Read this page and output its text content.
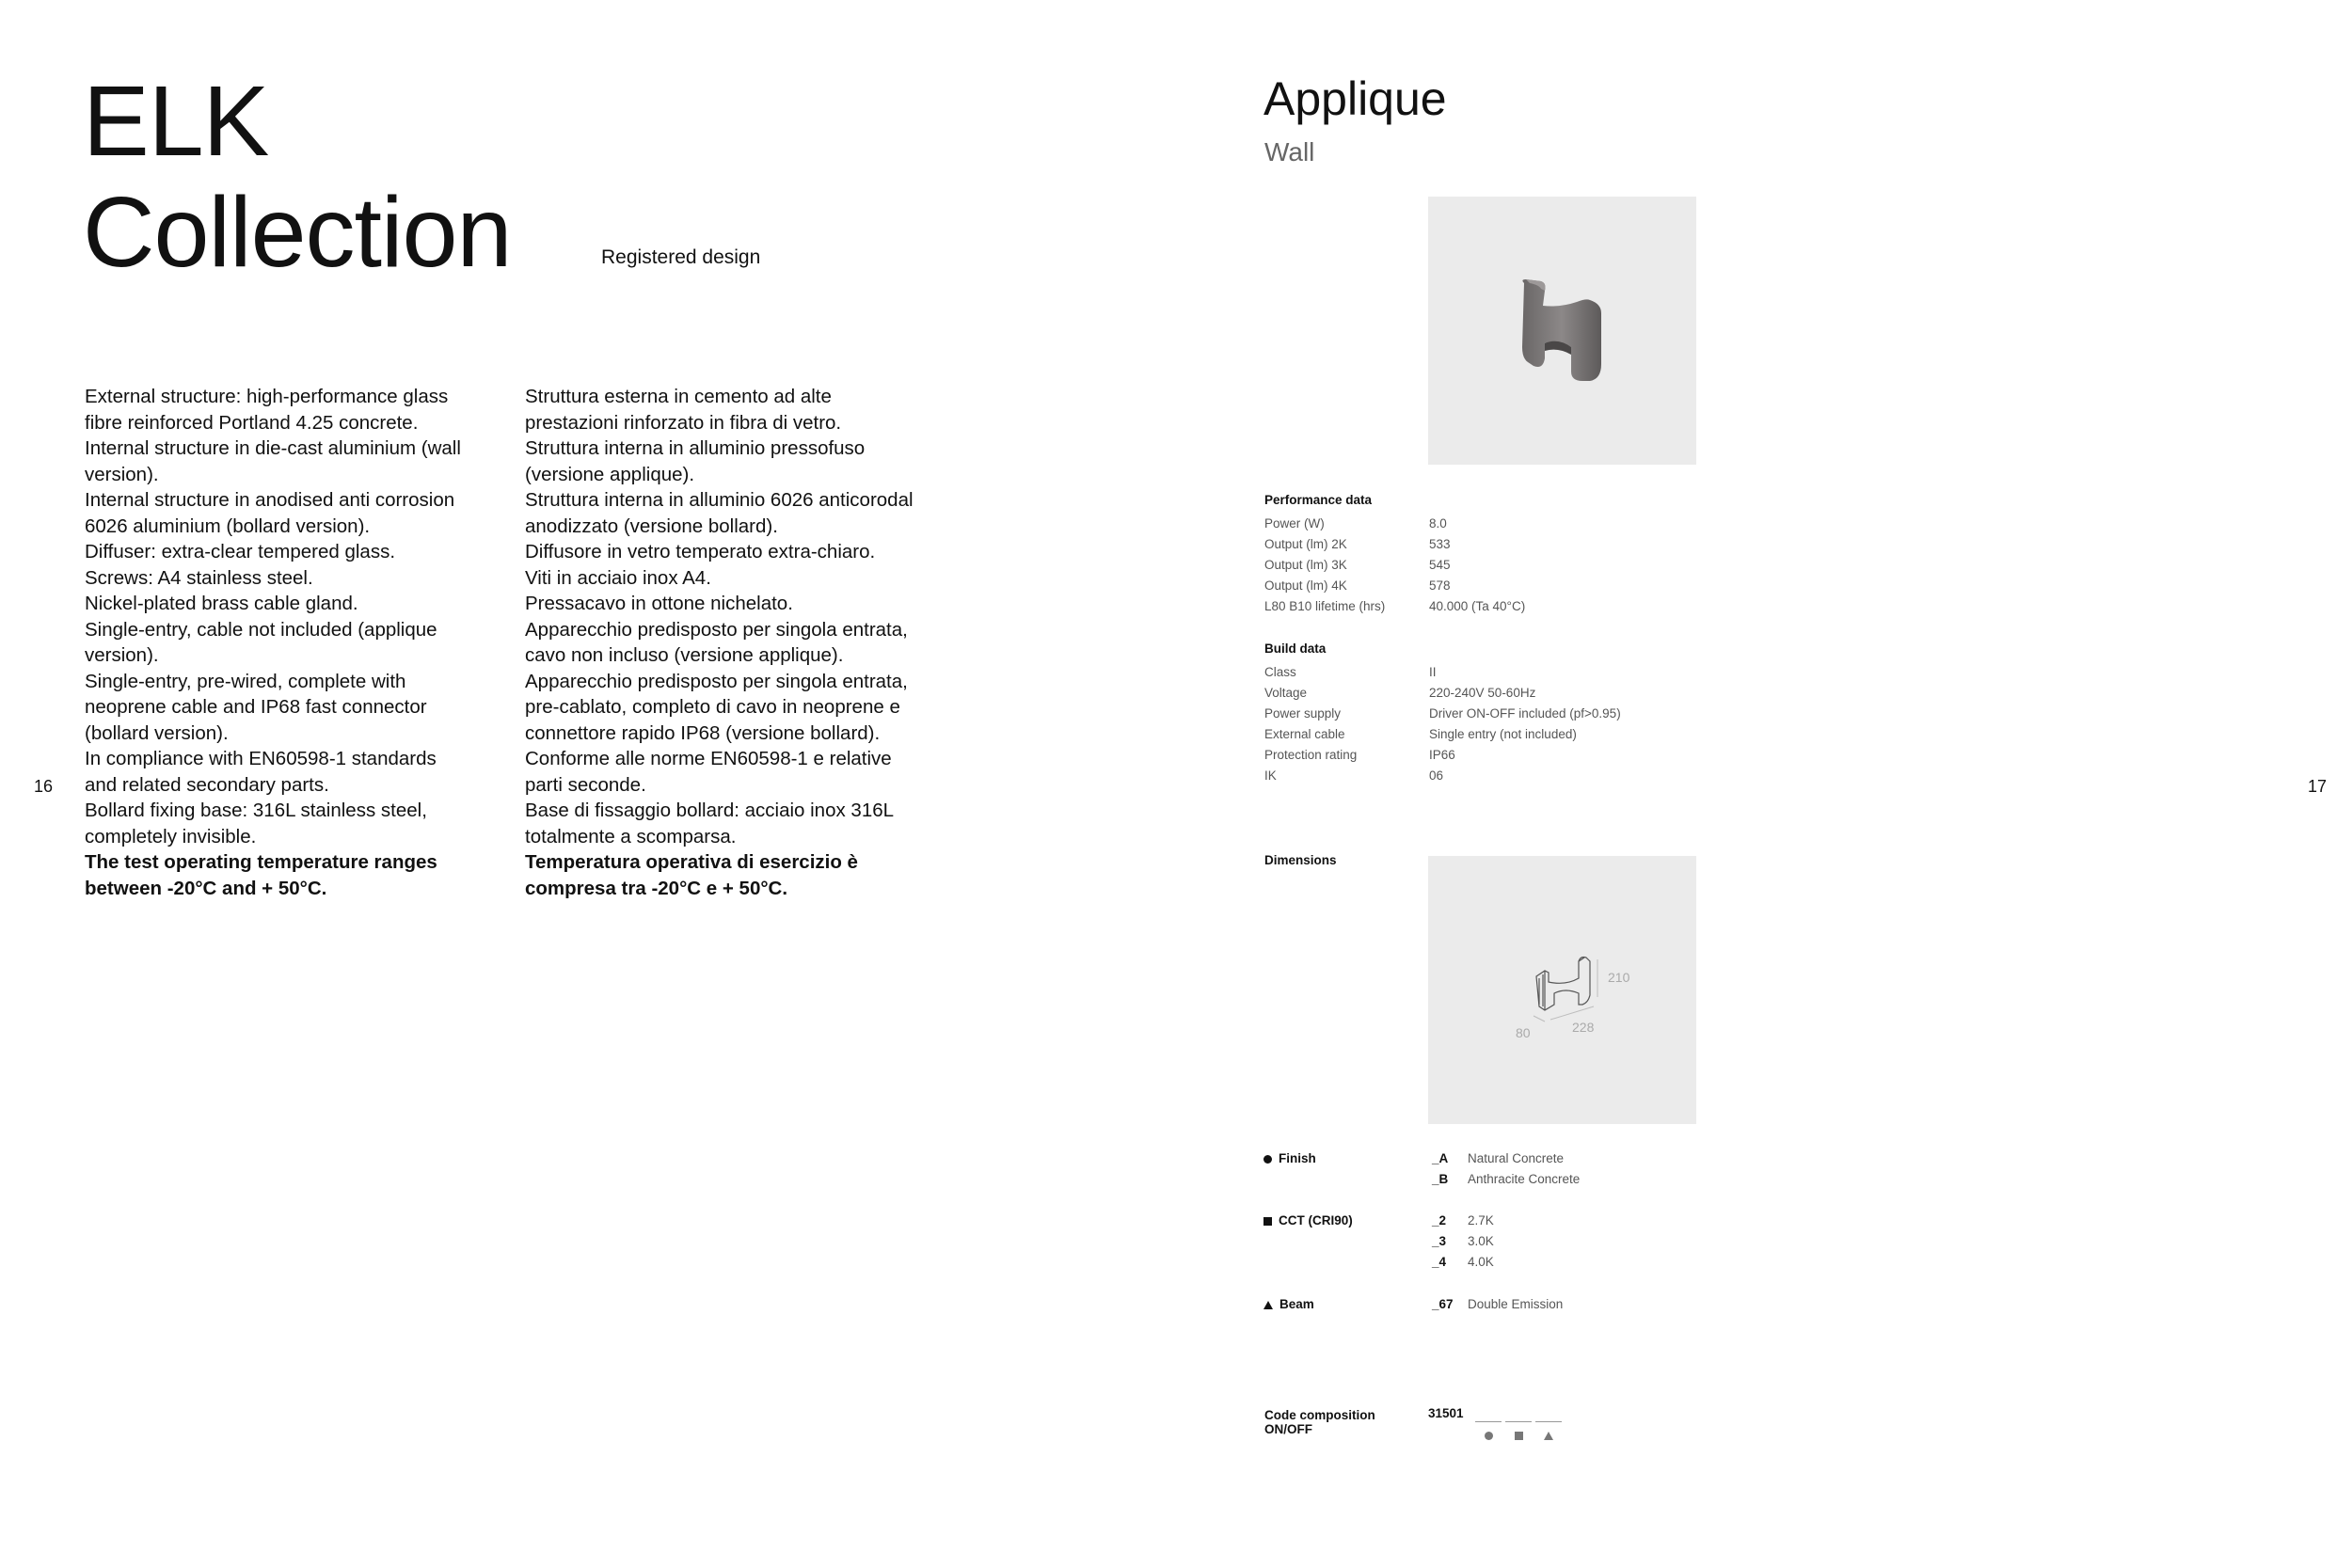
ELK
Collection	Registered design

External structure: high-performance glass fibre reinforced Portland 4.25 concrete.

Internal structure in die-cast aluminium (wall version).

Internal structure in anodised anti corrosion 6026 aluminium (bollard version).

Diffuser: extra-clear tempered glass.

Screws: A4 stainless steel.

Nickel-plated brass cable gland.

Single-entry, cable not included (applique version).

Single-entry, pre-wired, complete with neoprene cable and IP68 fast connector (bollard version).

In compliance with EN60598-1 standards and related secondary parts.

Bollard fixing base: 316L stainless steel, completely invisible.

The test operating temperature ranges between -20°C and + 50°C.

Struttura esterna in cemento ad alte prestazioni rinforzato in fibra di vetro.

Struttura interna in alluminio pressofuso (versione applique).

Struttura interna in alluminio 6026 anticorodal anodizzato (versione bollard).

Diffusore in vetro temperato extra-chiaro.

Viti in acciaio inox A4.

Pressacavo in ottone nichelato.

Apparecchio predisposto per singola entrata, cavo non incluso (versione applique).

Apparecchio predisposto per singola entrata, pre-cablato, completo di cavo in neoprene e connettore rapido IP68 (versione bollard).

Conforme alle norme EN60598-1 e relative parti seconde.

Base di fissaggio bollard: acciaio inox 316L totalmente a scomparsa.

Temperatura operativa di esercizio è compresa tra -20°C e + 50°C.

16	17
Applique
Wall
Performance data
Power (W)	8.0
Output (lm) 2K	533
Output (lm) 3K	545
Output (lm) 4K	578
L80 B10 lifetime (hrs)	40.000 (Ta 40°C)
Build data
Class	II
Voltage	220-240V 50-60Hz
Power supply	Driver ON-OFF included (pf>0.95)
External cable	Single entry (not included)
Protection rating	IP66
IK	06
Dimensions
210
80	228
Finish	_A Natural Concrete
_B Anthracite Concrete
CCT (CRI90)	_2 2.7K
_3 3.0K
_4 4.0K
Beam	_67 Double Emission
Code composition
ON/OFF
31501
